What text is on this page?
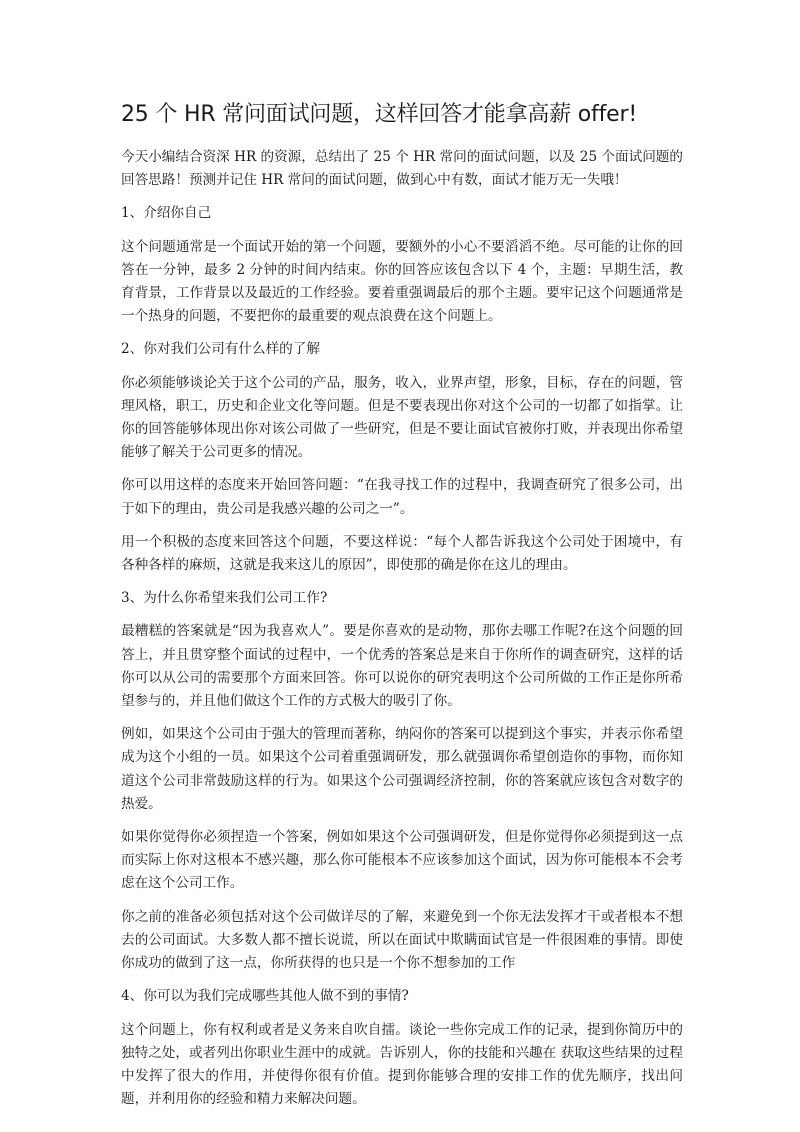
25 个 HR 常问面试问题，这样回答才能拿高薪 offer!

今天小编结合资深 HR 的资源，总结出了 25 个 HR 常问的面试问题，以及 25 个面试问题的回答思路！预测并记住 HR 常问的面试问题，做到心中有数，面试才能万无一失哦！

1、介绍你自己

这个问题通常是一个面试开始的第一个问题，要额外的小心不要滔滔不绝。尽可能的让你的回答在一分钟，最多 2 分钟的时间内结束。你的回答应该包含以下 4 个，主题：早期生活，教育背景，工作背景以及最近的工作经验。要着重强调最后的那个主题。要牢记这个问题通常是一个热身的问题，不要把你的最重要的观点浪费在这个问题上。

2、你对我们公司有什么样的了解

你必须能够谈论关于这个公司的产品，服务，收入，业界声望，形象，目标，存在的问题，管理风格，职工，历史和企业文化等问题。但是不要表现出你对这个公司的一切都了如指掌。让你的回答能够体现出你对该公司做了一些研究，但是不要让面试官被你打败，并表现出你希望能够了解关于公司更多的情况。

你可以用这样的态度来开始回答问题：“在我寻找工作的过程中，我调查研究了很多公司，出于如下的理由，贵公司是我感兴趣的公司之一”。

用一个积极的态度来回答这个问题，不要这样说：“每个人都告诉我这个公司处于困境中，有各种各样的麻烦，这就是我来这儿的原因”，即使那的确是你在这儿的理由。

3、为什么你希望来我们公司工作?

最糟糕的答案就是“因为我喜欢人”。要是你喜欢的是动物，那你去哪工作呢?在这个问题的回答上，并且贯穿整个面试的过程中，一个优秀的答案总是来自于你所作的调查研究，这样的话你可以从公司的需要那个方面来回答。你可以说你的研究表明这个公司所做的工作正是你所希望参与的，并且他们做这个工作的方式极大的吸引了你。

例如，如果这个公司由于强大的管理而著称，纳闷你的答案可以提到这个事实，并表示你希望成为这个小组的一员。如果这个公司着重强调研发，那么就强调你希望创造你的事物，而你知道这个公司非常鼓励这样的行为。如果这个公司强调经济控制，你的答案就应该包含对数字的热爱。

如果你觉得你必须捏造一个答案，例如如果这个公司强调研发，但是你觉得你必须提到这一点而实际上你对这根本不感兴趣，那么你可能根本不应该参加这个面试，因为你可能根本不会考虑在这个公司工作。

你之前的准备必须包括对这个公司做详尽的了解，来避免到一个你无法发挥才干或者根本不想去的公司面试。大多数人都不擅长说谎，所以在面试中欺瞒面试官是一件很困难的事情。即使你成功的做到了这一点，你所获得的也只是一个你不想参加的工作

4、你可以为我们完成哪些其他人做不到的事情?

这个问题上，你有权利或者是义务来自吹自擂。谈论一些你完成工作的记录，提到你简历中的独特之处，或者列出你职业生涯中的成就。告诉别人，你的技能和兴趣在 获取这些结果的过程中发挥了很大的作用，并使得你很有价值。提到你能够合理的安排工作的优先顺序，找出问题，并利用你的经验和精力来解决问题。
